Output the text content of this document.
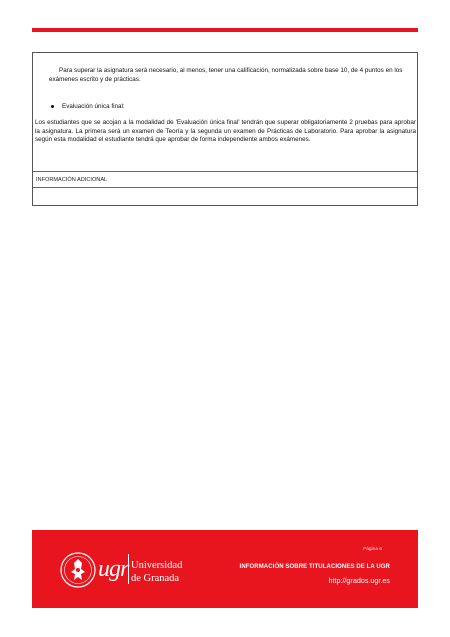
Para superar la asignatura será necesario, al menos, tener una calificación, normalizada sobre base 10, de 4 puntos en los exámenes escrito y de prácticas.
Evaluación única final:
Los estudiantes que se acojan a la modalidad de 'Evaluación única final' tendrán que superar obligatoriamente 2 pruebas para aprobar la asignatura. La primera será un examen de Teoría y la segunda un examen de Prácticas de Laboratorio. Para aprobar la asignatura según esta modalidad el estudiante tendrá que aprobar de forma independiente ambos exámenes.
INFORMACIÓN ADICIONAL
ugr Universidad
de Granada
Página 6
INFORMACIÓN SOBRE TITULACIONES DE LA UGR
http://grados.ugr.es
